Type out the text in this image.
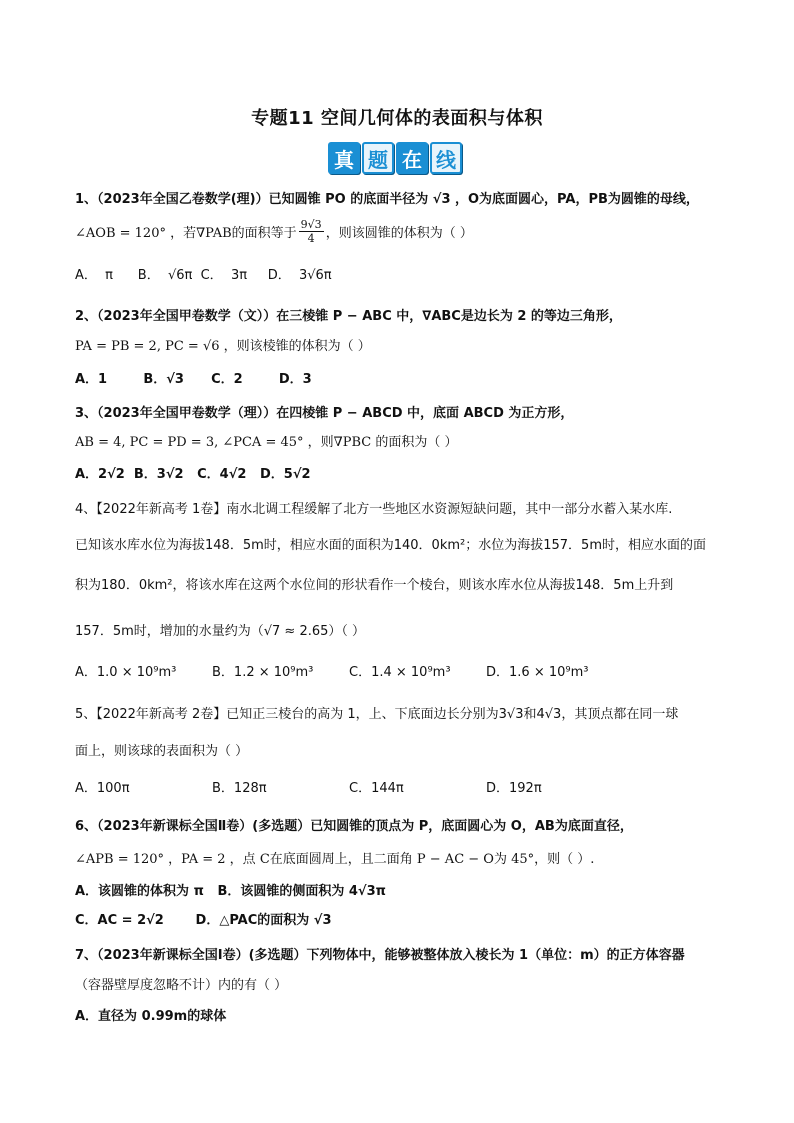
专题11 空间几何体的表面积与体积
真 题 在 线
1、（2023年全国乙卷数学(理)）已知圆锥 PO 的底面半径为 √3 ，O为底面圆心，PA，PB为圆锥的母线，
∠AOB = 120° ，若∇PAB的面积等于 $\frac{9√3}{4}$ ，则该圆锥的体积为（ ）
A．  π      B．  √6π  C．  3π     D．  3√6π
2、（2023年全国甲卷数学（文））在三棱锥 P − ABC 中，∇ABC是边长为 2 的等边三角形，
PA = PB = 2, PC = √6 ，则该棱锥的体积为（ ）
A．1        B．√3      C．2        D．3
3、（2023年全国甲卷数学（理））在四棱锥 P − ABCD 中，底面 ABCD 为正方形，
AB = 4, PC = PD = 3, ∠PCA = 45° ，则∇PBC 的面积为（ ）
A．2√2  B．3√2   C．4√2   D．5√2
4、【2022年新高考 1卷】南水北调工程缓解了北方一些地区水资源短缺问题，其中一部分水蓄入某水库.
已知该水库水位为海拔148．5m时，相应水面的面积为140．0km²；水位为海拔157．5m时，相应水面的面
积为180．0km²，将该水库在这两个水位间的形状看作一个棱台，则该水库水位从海拔148．5m上升到
157．5m时，增加的水量约为（√7 ≈ 2.65）（ ）
A．1.0 × 10⁹m³	B．1.2 × 10⁹m³	C．1.4 × 10⁹m³	D．1.6 × 10⁹m³
5、【2022年新高考 2卷】已知正三棱台的高为 1，上、下底面边长分别为3√3和4√3，其顶点都在同一球
面上，则该球的表面积为（ ）
A．100π	B．128π	C．144π	D．192π
6、（2023年新课标全国Ⅱ卷）(多选题）已知圆锥的顶点为 P，底面圆心为 O，AB为底面直径，
∠APB = 120° ，PA = 2 ，点 C在底面圆周上，且二面角 P − AC − O为 45°，则（ ）.
A．该圆锥的体积为 π   B．该圆锥的侧面积为 4√3π
C．AC = 2√2       D．△PAC的面积为 √3
7、（2023年新课标全国Ⅰ卷）(多选题）下列物体中，能够被整体放入棱长为 1（单位：m）的正方体容器
（容器壁厚度忽略不计）内的有（ ）
A．直径为 0.99m的球体
